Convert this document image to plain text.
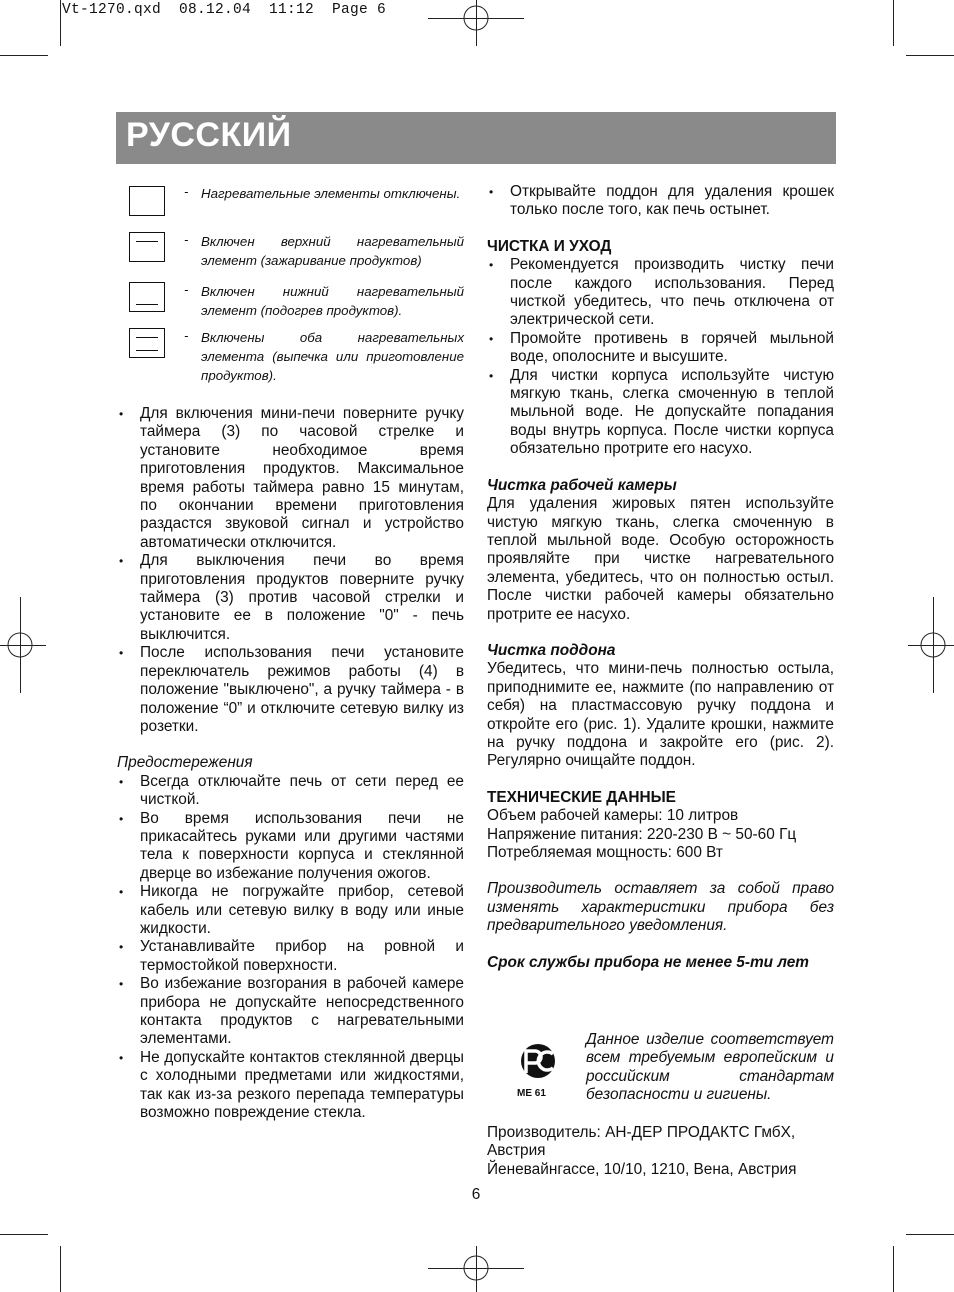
Vt-1270.qxd  08.12.04  11:12  Page 6
РУССКИЙ
- Нагревательные элементы отключены.
- Включен верхний нагревательный элемент (зажаривание продуктов)
- Включен нижний нагревательный элемент (подогрев продуктов).
- Включены оба нагревательных элемента (выпечка или приготовление продуктов).
• Для включения мини-печи поверните ручку таймера (3) по часовой стрелке и установите необходимое время приготовления продуктов. Максимальное время работы таймера равно 15 минутам, по окончании времени приготовления раздастся звуковой сигнал и устройство автоматически отключится.
• Для выключения печи во время приготовления продуктов поверните ручку таймера (3) против часовой стрелки и установите ее в положение "0" - печь выключится.
• После использования печи установите переключатель режимов работы (4) в положение "выключено", а ручку таймера - в положение “0” и отключите сетевую вилку из розетки.
Предостережения
• Всегда отключайте печь от сети перед ее чисткой.
• Во время использования печи не прикасайтесь руками или другими частями тела к поверхности корпуса и стеклянной дверце во избежание получения ожогов.
• Никогда не погружайте прибор, сетевой кабель или сетевую вилку в воду или иные жидкости.
• Устанавливайте прибор на ровной и термостойкой поверхности.
• Во избежание возгорания в рабочей камере прибора не допускайте непосредственного контакта продуктов с нагревательными элементами.
• Не допускайте контактов стеклянной дверцы с холодными предметами или жидкостями, так как из-за резкого перепада температуры возможно повреждение стекла.
• Открывайте поддон для удаления крошек только после того, как печь остынет.
ЧИСТКА И УХОД
• Рекомендуется производить чистку печи после каждого использования. Перед чисткой убедитесь, что печь отключена от электрической сети.
• Промойте противень в горячей мыльной воде, ополосните и высушите.
• Для чистки корпуса используйте чистую мягкую ткань, слегка смоченную в теплой мыльной воде. Не допускайте попадания воды внутрь корпуса. После чистки корпуса обязательно протрите его насухо.
Чистка рабочей камеры
Для удаления жировых пятен используйте чистую мягкую ткань, слегка смоченную в теплой мыльной воде. Особую осторожность проявляйте при чистке нагревательного элемента, убедитесь, что он полностью остыл. После чистки рабочей камеры обязательно протрите ее насухо.
Чистка поддона
Убедитесь, что мини-печь полностью остыла, приподнимите ее, нажмите (по направлению от себя) на пластмассовую ручку поддона и откройте его (рис. 1). Удалите крошки, нажмите на ручку поддона и закройте его (рис. 2). Регулярно очищайте поддон.
ТЕХНИЧЕСКИЕ ДАННЫЕ
Объем рабочей камеры: 10 литров
Напряжение питания: 220-230 В ~ 50-60 Гц
Потребляемая мощность: 600 Вт
Производитель оставляет за собой право изменять характеристики прибора без предварительного уведомления.
Срок службы прибора не менее 5-ти лет
МЕ 61
Данное изделие соответствует всем требуемым европейским и российским стандартам безопасности и гигиены.
Производитель: АН-ДЕР ПРОДАКТС ГмбХ, Австрия
Йеневайнгассе, 10/10, 1210, Вена, Австрия
6
